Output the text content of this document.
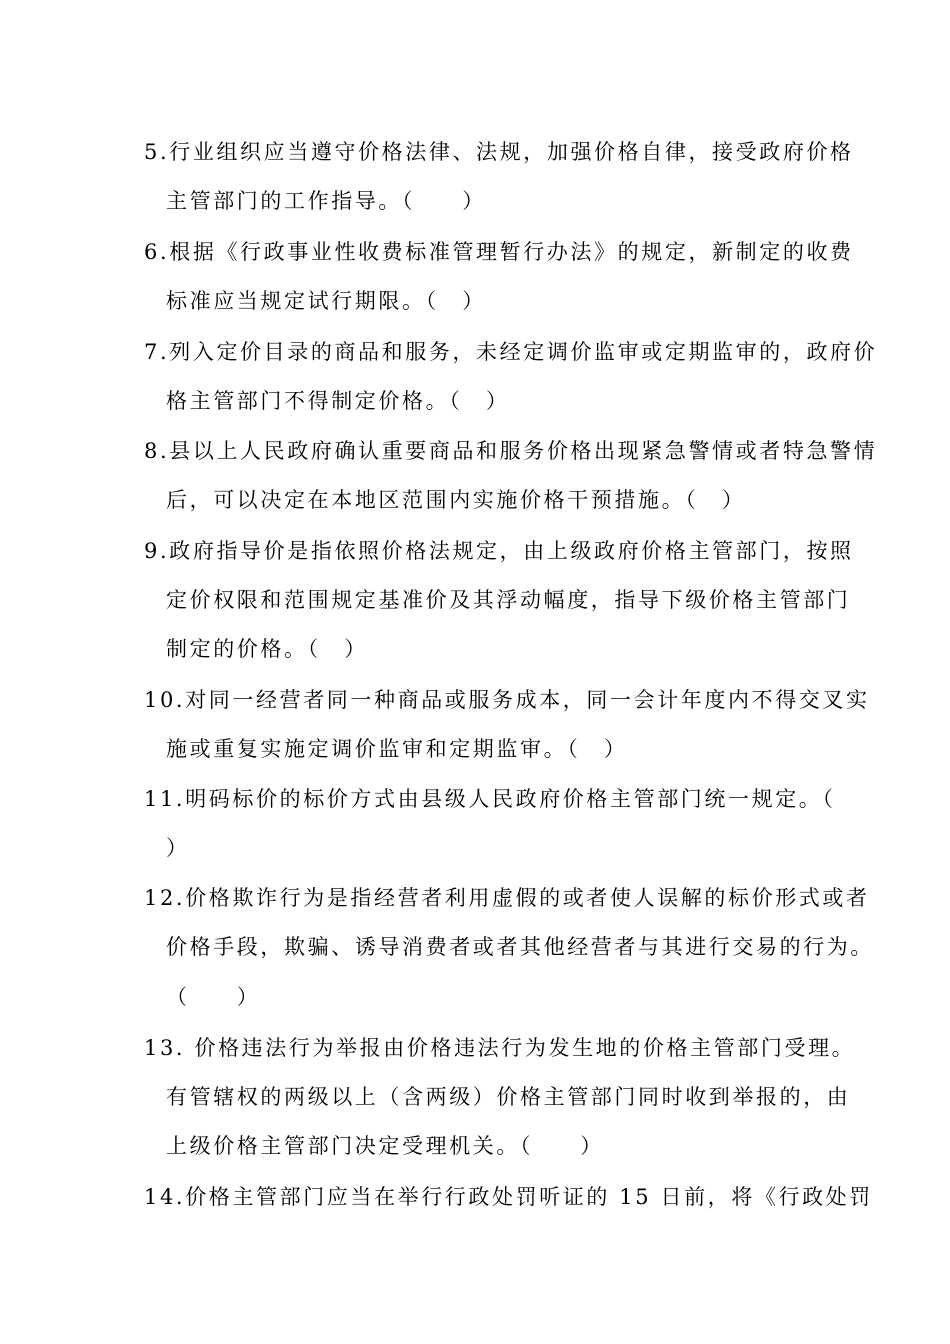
5.行业组织应当遵守价格法律、法规，加强价格自律，接受政府价格
主管部门的工作指导。（　　）
6.根据《行政事业性收费标准管理暂行办法》的规定，新制定的收费
标准应当规定试行期限。（　）
7.列入定价目录的商品和服务，未经定调价监审或定期监审的，政府价
格主管部门不得制定价格。（　）
8.县以上人民政府确认重要商品和服务价格出现紧急警情或者特急警情
后，可以决定在本地区范围内实施价格干预措施。（　）
9.政府指导价是指依照价格法规定，由上级政府价格主管部门，按照
定价权限和范围规定基准价及其浮动幅度，指导下级价格主管部门
制定的价格。（　）
10.对同一经营者同一种商品或服务成本，同一会计年度内不得交叉实
施或重复实施定调价监审和定期监审。（　）
11.明码标价的标价方式由县级人民政府价格主管部门统一规定。（
）
12.价格欺诈行为是指经营者利用虚假的或者使人误解的标价形式或者
价格手段，欺骗、诱导消费者或者其他经营者与其进行交易的行为。
（　　）
13. 价格违法行为举报由价格违法行为发生地的价格主管部门受理。
有管辖权的两级以上（含两级）价格主管部门同时收到举报的，由
上级价格主管部门决定受理机关。（　　）
14.价格主管部门应当在举行行政处罚听证的 15 日前，将《行政处罚
